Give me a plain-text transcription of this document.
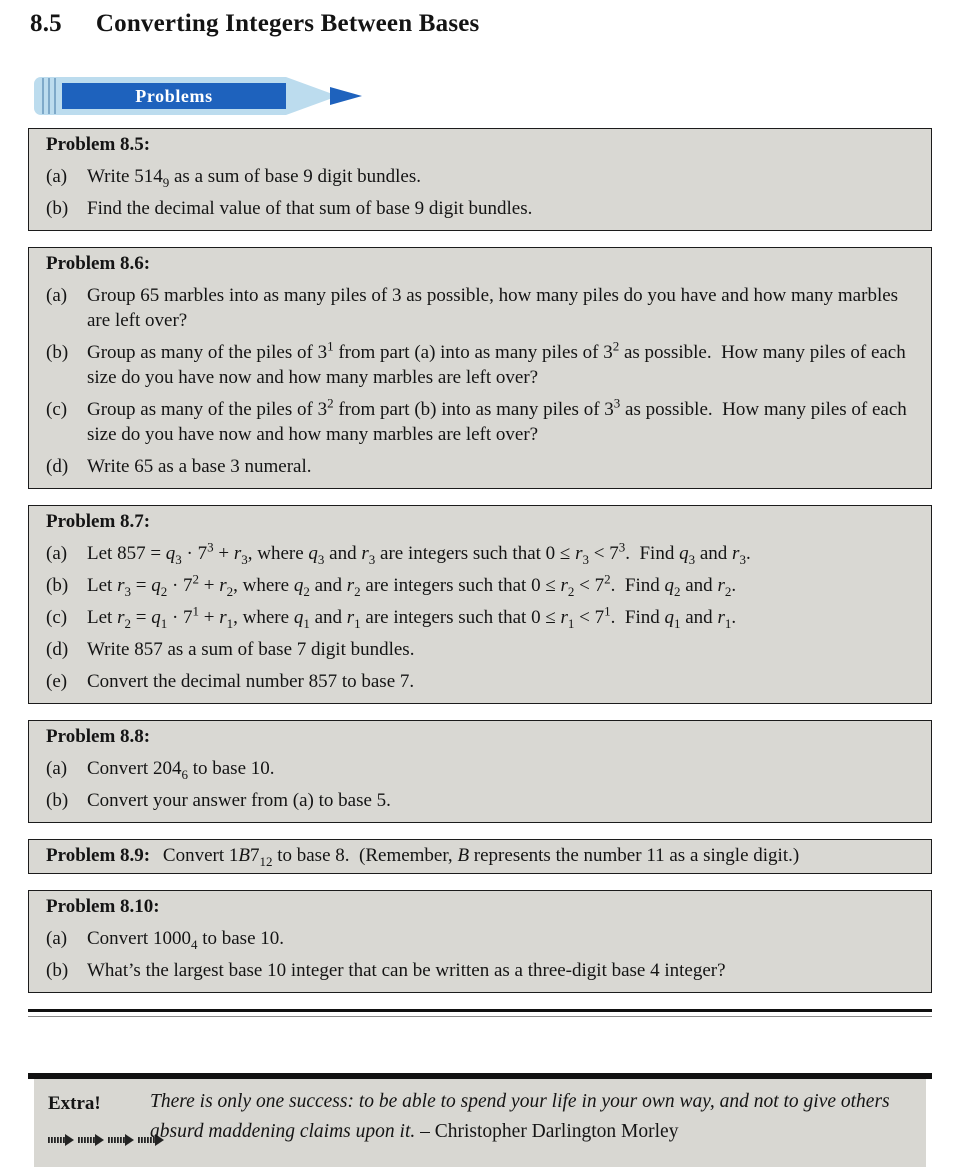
8.5 Converting Integers Between Bases
Problems
Problem 8.5:
(a)	Write $514_9$ as a sum of base 9 digit bundles.
(b) Find the decimal value of that sum of base 9 digit bundles.
Problem 8.6:
(a)	Group 65 marbles into as many piles of 3 as possible, how many piles do you have and how many marbles are left over?
(b) Group as many of the piles of $3^1$ from part (a) into as many piles of $3^2$ as possible.  How many piles of each size do you have now and how many marbles are left over?
(c)	Group as many of the piles of $3^2$ from part (b) into as many piles of $3^3$ as possible.  How many piles of each size do you have now and how many marbles are left over?
(d) Write 65 as a base 3 numeral.
Problem 8.7:
(a)	Let $857 = q_3 \cdot 7^3 + r_3$, where $q_3$ and $r_3$ are integers such that $0 \le r_3 < 7^3$.  Find $q_3$ and $r_3$.
(b) Let $r_3 = q_2 \cdot 7^2 + r_2$, where $q_2$ and $r_2$ are integers such that $0 \le r_2 < 7^2$.  Find $q_2$ and $r_2$.
(c)	Let $r_2 = q_1 \cdot 7^1 + r_1$, where $q_1$ and $r_1$ are integers such that $0 \le r_1 < 7^1$.  Find $q_1$ and $r_1$.
(d) Write 857 as a sum of base 7 digit bundles.
(e)	Convert the decimal number 857 to base 7.
Problem 8.8:
(a)	Convert $204_6$ to base 10.
(b) Convert your answer from (a) to base 5.
Problem 8.9: Convert $1B7_{12}$ to base 8.  (Remember, B represents the number 11 as a single digit.)
Problem 8.10:
(a)	Convert $1000_4$ to base 10.
(b) What’s the largest base 10 integer that can be written as a three-digit base 4 integer?
Extra!	There is only one success: to be able to spend your life in your own way, and not to give others absurd maddening claims upon it. – Christopher Darlington Morley
